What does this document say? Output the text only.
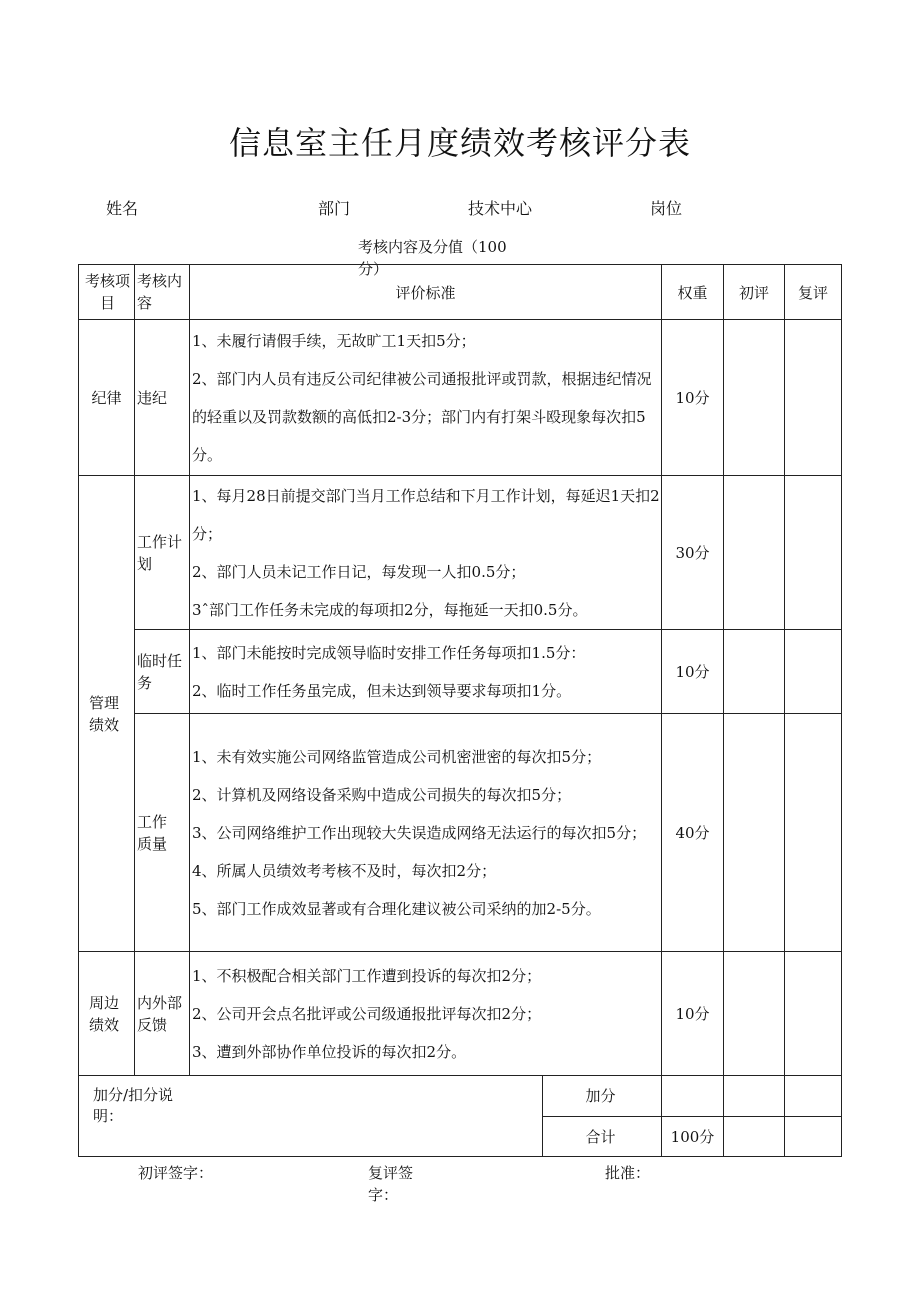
信息室主任月度绩效考核评分表
姓名	部门	技术中心	岗位
考核内容及分值（100分）
考核项目	考核内容	评价标准	权重	初评	复评
纪律	违纪	1、未履行请假手续，无故旷工1天扣5分；
2、部门内人员有违反公司纪律被公司通报批评或罚款，根据违纪情况的轻重以及罚款数额的高低扣2-3分；部门内有打架斗殴现象每次扣5分。	10分		

管理绩效	工作计划	1、每月28日前提交部门当月工作总结和下月工作计划，每延迟1天扣2分；
2、部门人员未记工作日记，每发现一人扣0.5分；
3ˆ部门工作任务未完成的每项扣2分，每拖延一天扣0.5分。	30分		

	临时任务	1、部门未能按时完成领导临时安排工作任务每项扣1.5分：
2、临时工作任务虽完成，但未达到领导要求每项扣1分。	10分		

	工作质量	1、未有效实施公司网络监管造成公司机密泄密的每次扣5分；
2、计算机及网络设备采购中造成公司损失的每次扣5分；
3、公司网络维护工作出现较大失误造成网络无法运行的每次扣5分；
4、所属人员绩效考考核不及时，每次扣2分；
5、部门工作成效显著或有合理化建议被公司采纳的加2-5分。	40分		

周边绩效	内外部反馈	1、不积极配合相关部门工作遭到投诉的每次扣2分；
2、公司开会点名批评或公司级通报批评每次扣2分；
3、遭到外部协作单位投诉的每次扣2分。	10分		
加分/扣分说明：		加分			

		合计	100分		
初评签字：	复评签字：
批准：
